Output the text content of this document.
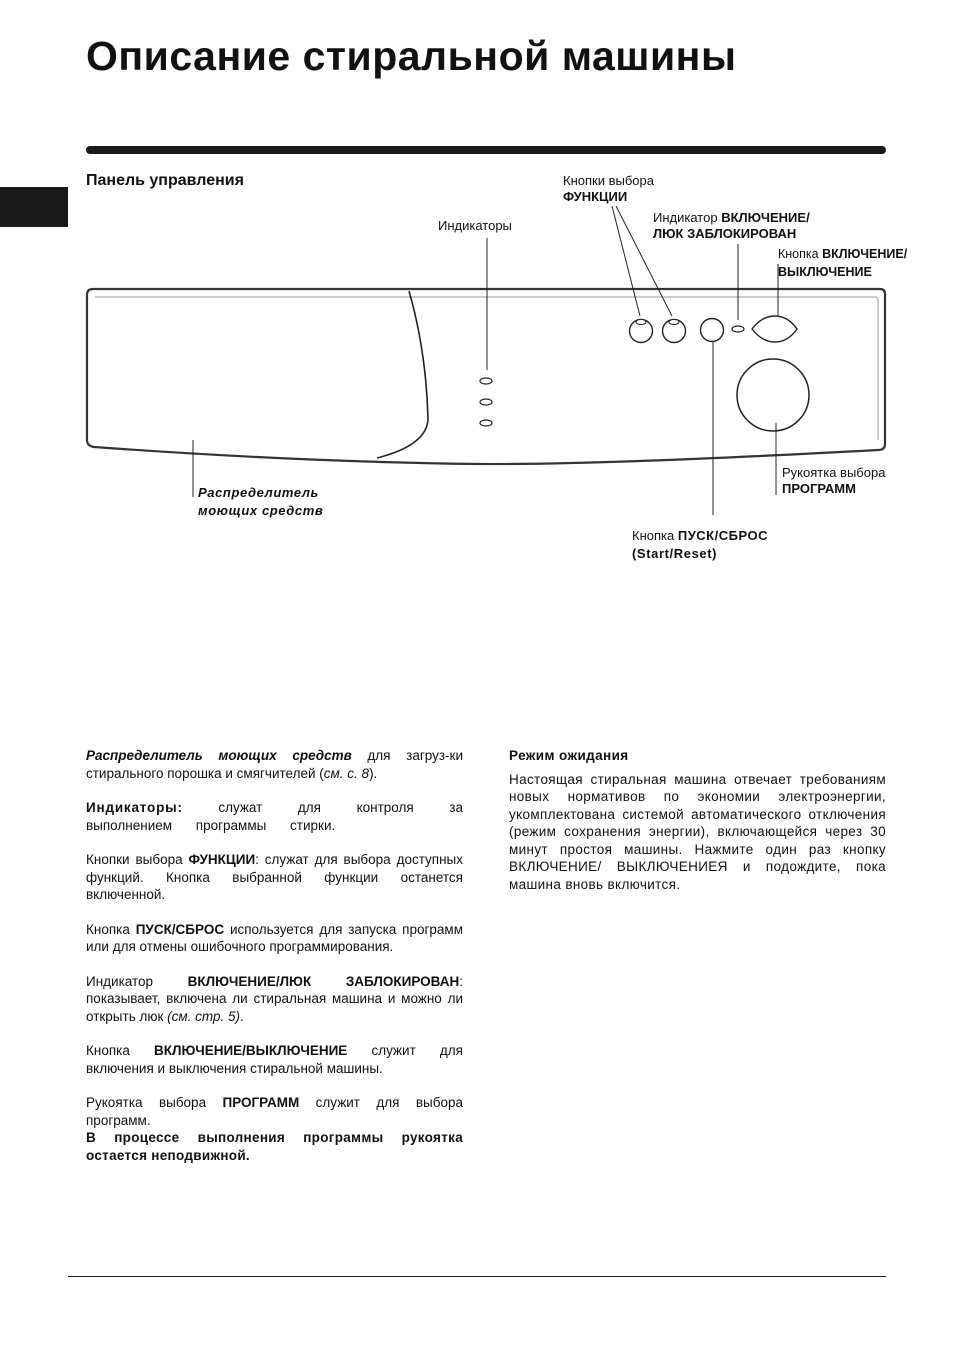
Описание стиральной машины
Панель управления
Индикаторы
Кнопки выбора
ФУНКЦИИ
Индикатор ВКЛЮЧЕНИЕ/
ЛЮК ЗАБЛОКИРОВАН
Кнопка ВКЛЮЧЕНИЕ/
ВЫКЛЮЧЕНИЕ
Распределитель
моющих средств
Рукоятка выбора
ПРОГРАММ
Кнопка ПУСК/СБРОС
(Start/Reset)

Распределитель моющих средств для загруз-ки стирального порошка и смягчителей (см. с. 8).

Индикаторы: служат для контроля за выполнением программы стирки.

Кнопки выбора ФУНКЦИИ: служат для выбора доступных функций. Кнопка выбранной функции останется включенной.

Кнопка ПУСК/СБРОС используется для запуска программ или для отмены ошибочного программирования.

Индикатор ВКЛЮЧЕНИЕ/ЛЮК ЗАБЛОКИРОВАН: показывает, включена ли стиральная машина и можно ли открыть люк (см. стр. 5).

Кнопка ВКЛЮЧЕНИЕ/ВЫКЛЮЧЕНИЕ служит для включения и выключения стиральной машины.

Рукоятка выбора ПРОГРАММ служит для выбора программ.
В процессе выполнения программы рукоятка остается неподвижной.

Режим ожидания
Настоящая стиральная машина отвечает требованиям новых нормативов по экономии электроэнергии, укомплектована системой автоматического отключения (режим сохранения энергии), включающейся через 30 минут простоя машины. Нажмите один раз кнопку ВКЛЮЧЕНИЕ/ ВЫКЛЮЧЕНИЕЯ и подождите, пока машина вновь включится.
